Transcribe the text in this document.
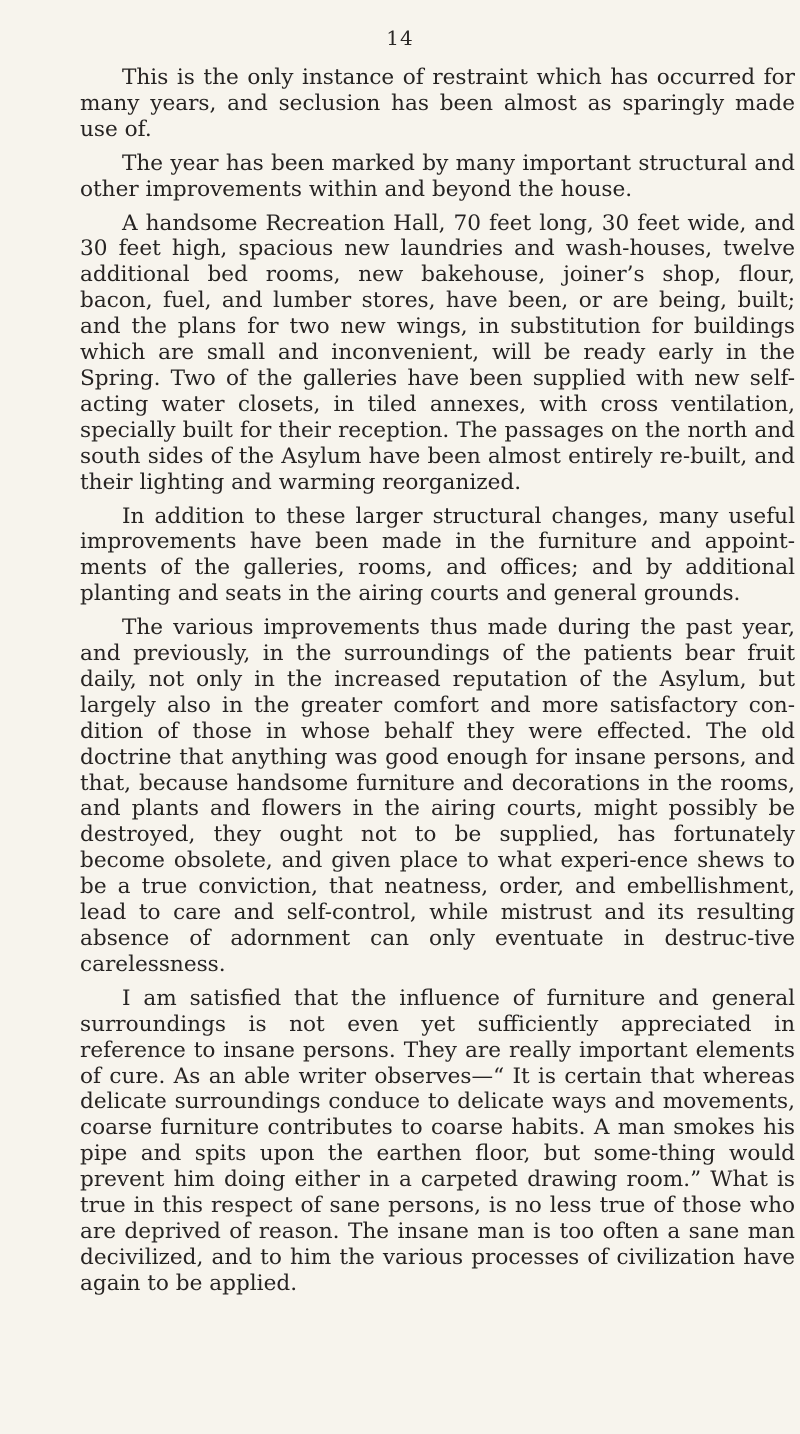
14

This is the only instance of restraint which has occurred for many years, and seclusion has been almost as sparingly made use of.

The year has been marked by many important structural and other improvements within and beyond the house.

A handsome Recreation Hall, 70 feet long, 30 feet wide, and 30 feet high, spacious new laundries and wash-houses, twelve additional bed rooms, new bakehouse, joiner’s shop, flour, bacon, fuel, and lumber stores, have been, or are being, built; and the plans for two new wings, in substitution for buildings which are small and inconvenient, will be ready early in the Spring. Two of the galleries have been supplied with new self-acting water closets, in tiled annexes, with cross ventilation, specially built for their reception. The passages on the north and south sides of the Asylum have been almost entirely re-built, and their lighting and warming reorganized.

In addition to these larger structural changes, many useful improvements have been made in the furniture and appoint-ments of the galleries, rooms, and offices; and by additional planting and seats in the airing courts and general grounds.

The various improvements thus made during the past year, and previously, in the surroundings of the patients bear fruit daily, not only in the increased reputation of the Asylum, but largely also in the greater comfort and more satisfactory con-dition of those in whose behalf they were effected. The old doctrine that anything was good enough for insane persons, and that, because handsome furniture and decorations in the rooms, and plants and flowers in the airing courts, might possibly be destroyed, they ought not to be supplied, has fortunately become obsolete, and given place to what experi-ence shews to be a true conviction, that neatness, order, and embellishment, lead to care and self-control, while mistrust and its resulting absence of adornment can only eventuate in destruc-tive carelessness.

I am satisfied that the influence of furniture and general surroundings is not even yet sufficiently appreciated in reference to insane persons. They are really important elements of cure. As an able writer observes—“ It is certain that whereas delicate surroundings conduce to delicate ways and movements, coarse furniture contributes to coarse habits. A man smokes his pipe and spits upon the earthen floor, but some-thing would prevent him doing either in a carpeted drawing room.” What is true in this respect of sane persons, is no less true of those who are deprived of reason. The insane man is too often a sane man decivilized, and to him the various processes of civilization have again to be applied.
